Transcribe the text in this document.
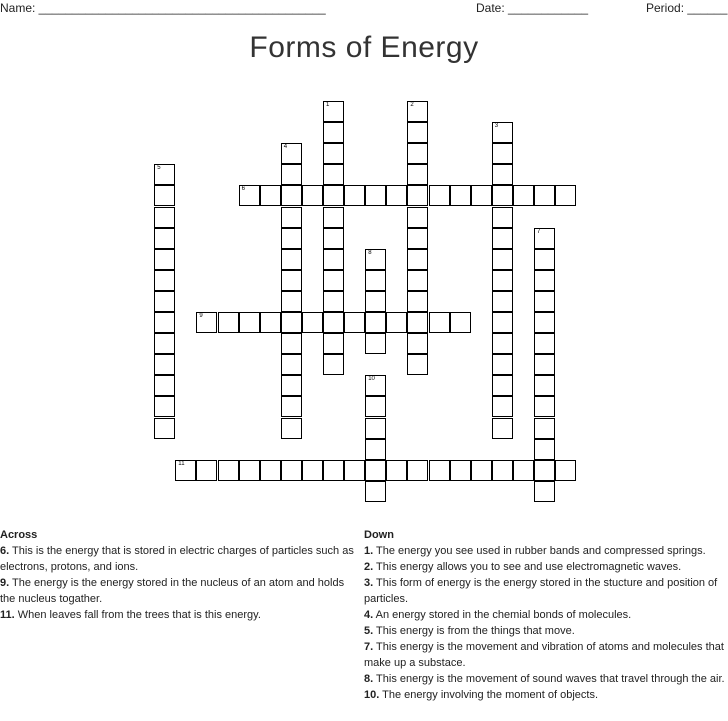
Name: ___________________________________________	Date: ____________	Period: ______
Forms of Energy
1	2
3
4
5
6
7
8
9
10
11
Across
6. This is the energy that is stored in electric charges of particles such as electrons, protons, and ions.
9. The energy is the energy stored in the nucleus of an atom and holds the nucleus togather.
11. When leaves fall from the trees that is this energy.
Down
1. The energy you see used in rubber bands and compressed springs.
2. This energy allows you to see and use electromagnetic waves.
3. This form of energy is the energy stored in the stucture and position of particles.
4. An energy stored in the chemial bonds of molecules.
5. This energy is from the things that move.
7. This energy is the movement and vibration of atoms and molecules that make up a substace.
8. This energy is the movement of sound waves that travel through the air.
10. The energy involving the moment of objects.
